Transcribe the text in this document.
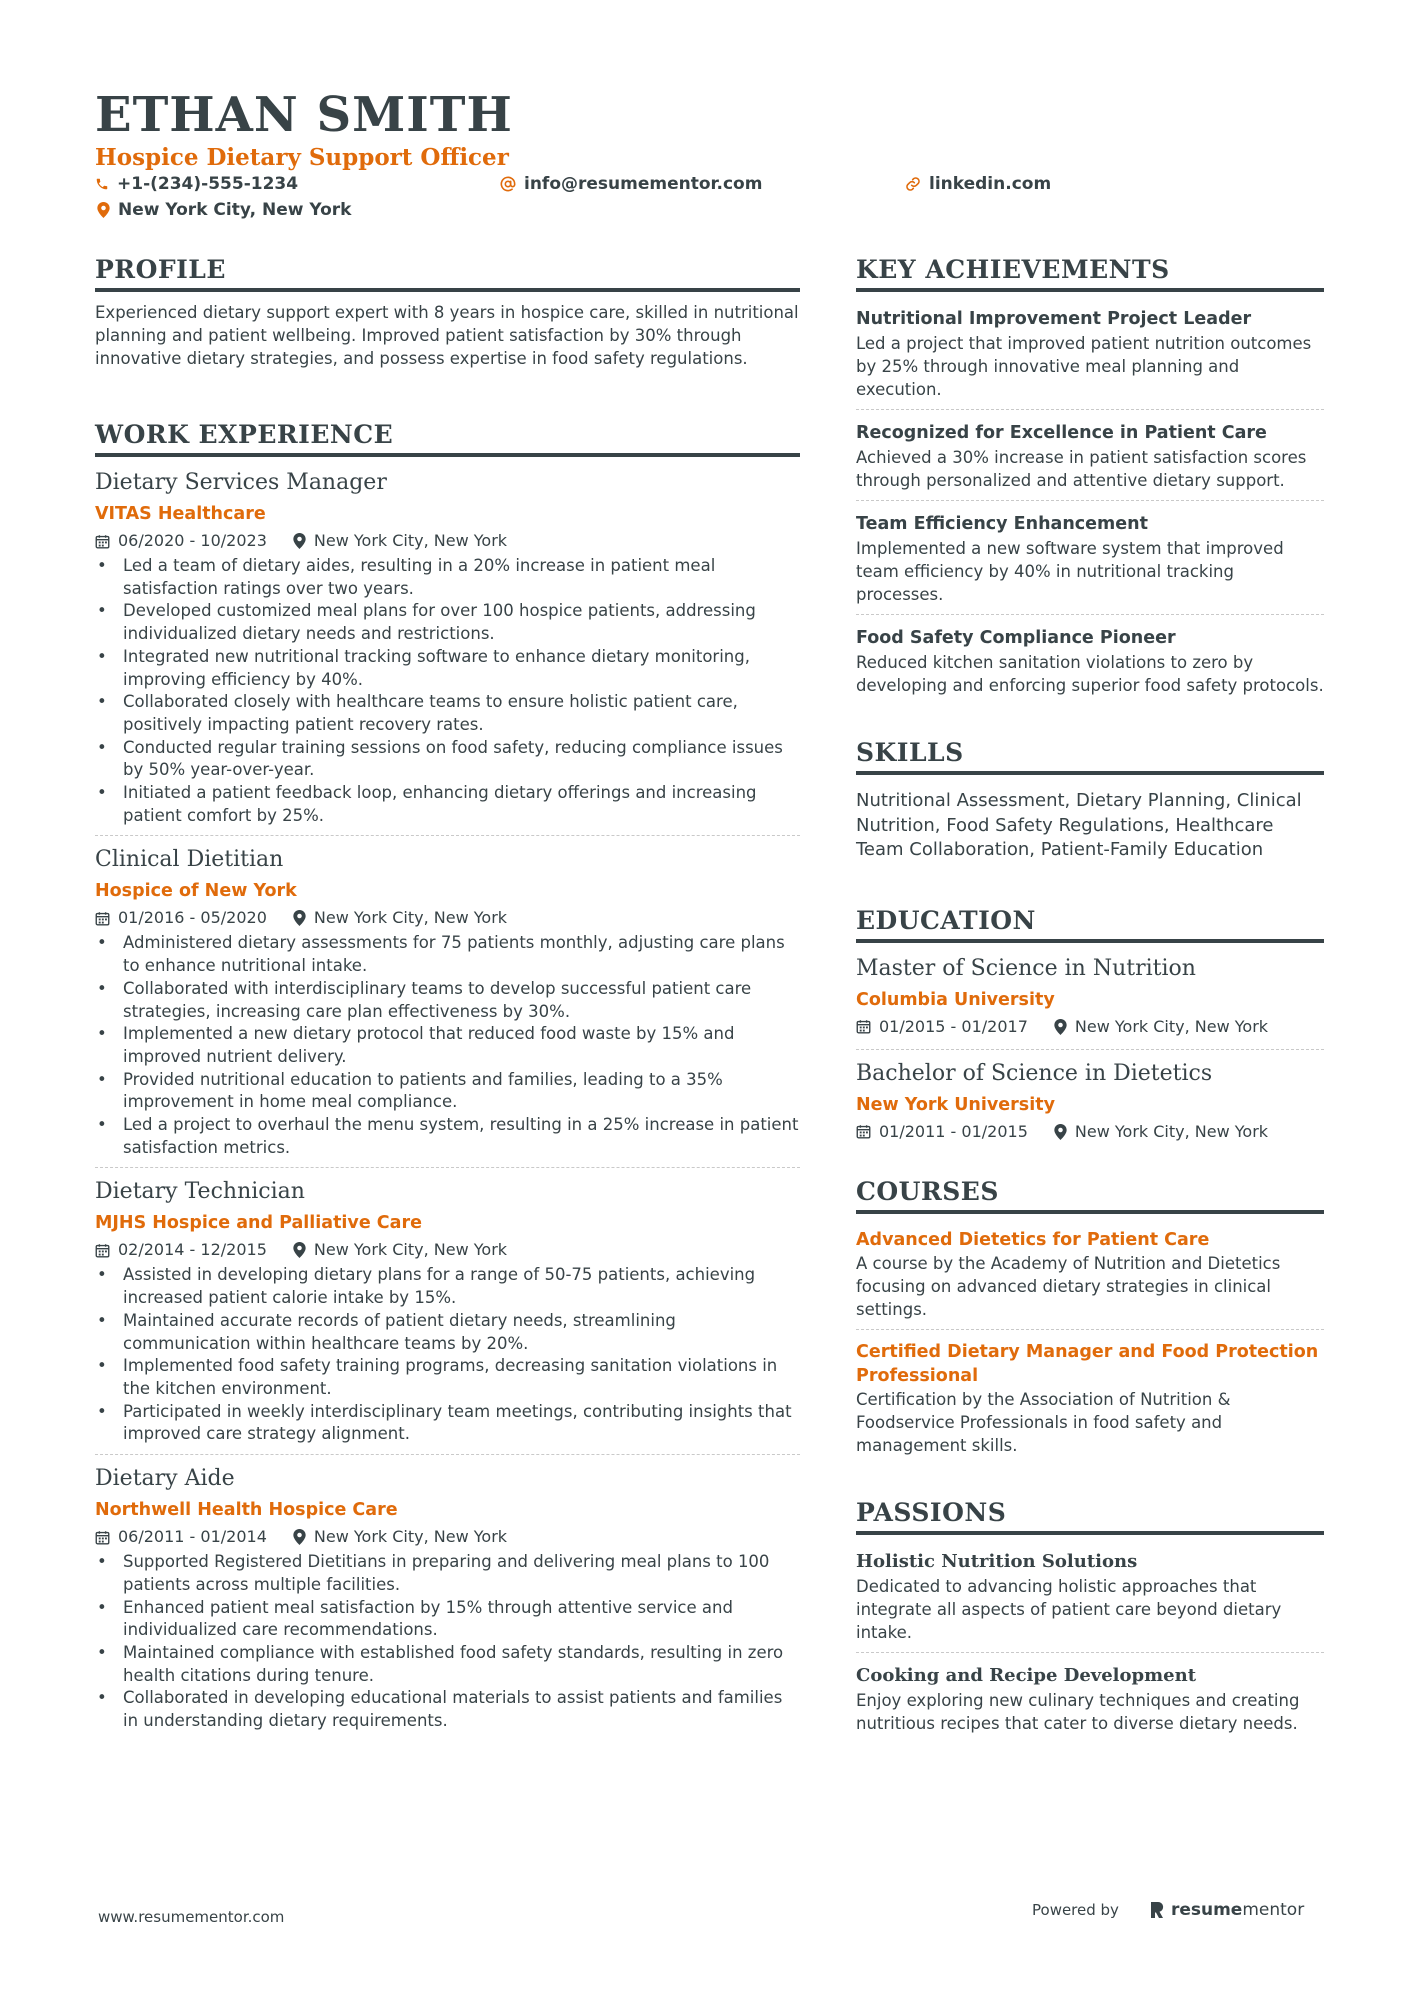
ETHAN SMITH
Hospice Dietary Support Officer
+1-(234)-555-1234	info@resumementor.com	linkedin.com
New York City, New York
PROFILE
Experienced dietary support expert with 8 years in hospice care, skilled in nutritional planning and patient wellbeing. Improved patient satisfaction by 30% through innovative dietary strategies, and possess expertise in food safety regulations.
WORK EXPERIENCE
Dietary Services Manager
VITAS Healthcare
06/2020 - 10/2023	New York City, New York
• Led a team of dietary aides, resulting in a 20% increase in patient meal satisfaction ratings over two years.
• Developed customized meal plans for over 100 hospice patients, addressing individualized dietary needs and restrictions.
• Integrated new nutritional tracking software to enhance dietary monitoring, improving efficiency by 40%.
• Collaborated closely with healthcare teams to ensure holistic patient care, positively impacting patient recovery rates.
• Conducted regular training sessions on food safety, reducing compliance issues by 50% year-over-year.
• Initiated a patient feedback loop, enhancing dietary offerings and increasing patient comfort by 25%.
Clinical Dietitian
Hospice of New York
01/2016 - 05/2020	New York City, New York
• Administered dietary assessments for 75 patients monthly, adjusting care plans to enhance nutritional intake.
• Collaborated with interdisciplinary teams to develop successful patient care strategies, increasing care plan effectiveness by 30%.
• Implemented a new dietary protocol that reduced food waste by 15% and improved nutrient delivery.
• Provided nutritional education to patients and families, leading to a 35% improvement in home meal compliance.
• Led a project to overhaul the menu system, resulting in a 25% increase in patient satisfaction metrics.
Dietary Technician
MJHS Hospice and Palliative Care
02/2014 - 12/2015	New York City, New York
• Assisted in developing dietary plans for a range of 50-75 patients, achieving increased patient calorie intake by 15%.
• Maintained accurate records of patient dietary needs, streamlining communication within healthcare teams by 20%.
• Implemented food safety training programs, decreasing sanitation violations in the kitchen environment.
• Participated in weekly interdisciplinary team meetings, contributing insights that improved care strategy alignment.
Dietary Aide
Northwell Health Hospice Care
06/2011 - 01/2014	New York City, New York
• Supported Registered Dietitians in preparing and delivering meal plans to 100 patients across multiple facilities.
• Enhanced patient meal satisfaction by 15% through attentive service and individualized care recommendations.
• Maintained compliance with established food safety standards, resulting in zero health citations during tenure.
• Collaborated in developing educational materials to assist patients and families in understanding dietary requirements.
KEY ACHIEVEMENTS
Nutritional Improvement Project Leader
Led a project that improved patient nutrition outcomes by 25% through innovative meal planning and execution.
Recognized for Excellence in Patient Care
Achieved a 30% increase in patient satisfaction scores through personalized and attentive dietary support.
Team Efficiency Enhancement
Implemented a new software system that improved team efficiency by 40% in nutritional tracking processes.
Food Safety Compliance Pioneer
Reduced kitchen sanitation violations to zero by developing and enforcing superior food safety protocols.
SKILLS
Nutritional Assessment, Dietary Planning, Clinical Nutrition, Food Safety Regulations, Healthcare Team Collaboration, Patient-Family Education
EDUCATION
Master of Science in Nutrition
Columbia University
01/2015 - 01/2017	New York City, New York
Bachelor of Science in Dietetics
New York University
01/2011 - 01/2015	New York City, New York
COURSES
Advanced Dietetics for Patient Care
A course by the Academy of Nutrition and Dietetics focusing on advanced dietary strategies in clinical settings.
Certified Dietary Manager and Food Protection Professional
Certification by the Association of Nutrition & Foodservice Professionals in food safety and management skills.
PASSIONS
Holistic Nutrition Solutions
Dedicated to advancing holistic approaches that integrate all aspects of patient care beyond dietary intake.
Cooking and Recipe Development
Enjoy exploring new culinary techniques and creating nutritious recipes that cater to diverse dietary needs.
www.resumementor.com	Powered by	resumementor
